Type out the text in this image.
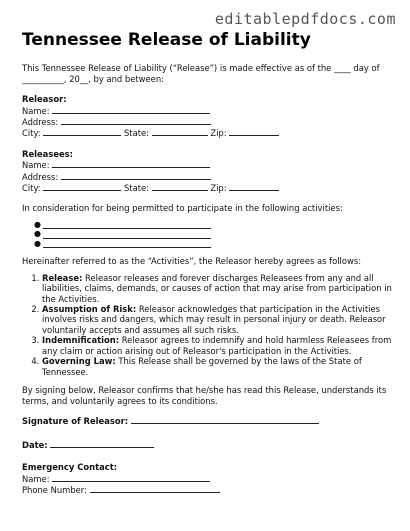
editablepdfdocs.com
Tennessee Release of Liability

This Tennessee Release of Liability (“Release”) is made effective as of the ____ day of __________, 20__, by and between:

Releasor:
Name:
Address:
City:	State:	Zip:
Releasees:
Name:
Address:
City:	State:	Zip:

In consideration for being permitted to participate in the following activities:

●
●
●

Hereinafter referred to as the “Activities”, the Releasor hereby agrees as follows:

1. Release: Releasor releases and forever discharges Releasees from any and all liabilities, claims, demands, or causes of action that may arise from participation in the Activities.
2. Assumption of Risk: Releasor acknowledges that participation in the Activities involves risks and dangers, which may result in personal injury or death. Releasor voluntarily accepts and assumes all such risks.
3. Indemnification: Releasor agrees to indemnify and hold harmless Releasees from any claim or action arising out of Releasor's participation in the Activities.
4. Governing Law: This Release shall be governed by the laws of the State of Tennessee.

By signing below, Releasor confirms that he/she has read this Release, understands its terms, and voluntarily agrees to its conditions.

Signature of Releasor:
Date:
Emergency Contact:
Name:
Phone Number:
